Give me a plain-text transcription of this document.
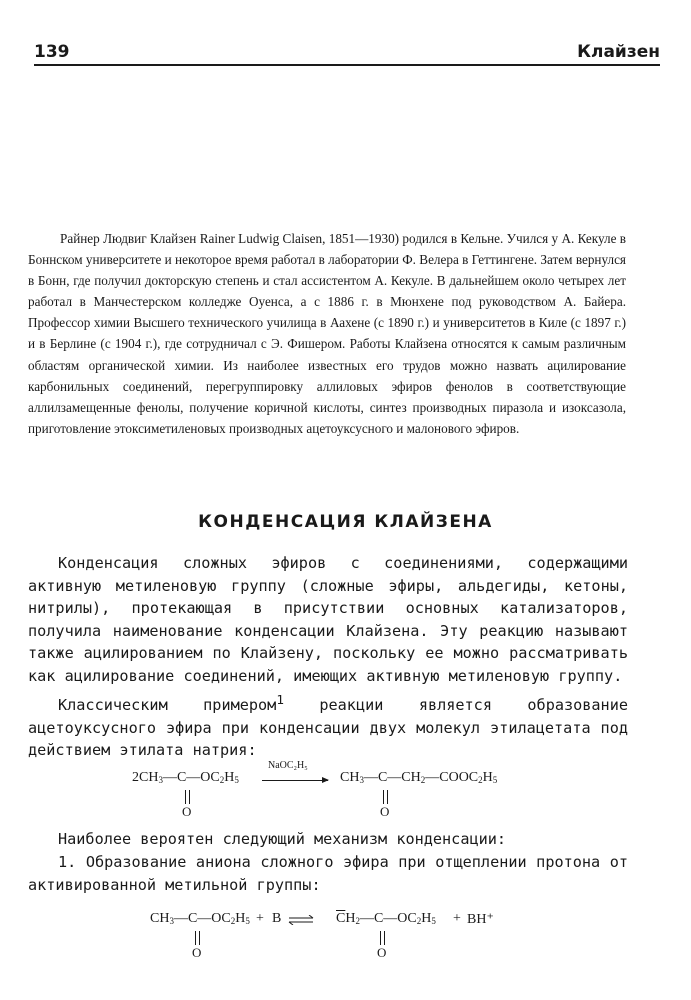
139	Клайзен

Райнер Людвиг Клайзен Rainer Ludwig Claisen, 1851—1930) родился в Кельне. Учился у А. Кекуле в Боннском университете и некоторое время работал в лаборатории Ф. Велера в Геттингене. Затем вернулся в Бонн, где получил докторскую степень и стал ассистентом А. Кекуле. В дальнейшем около четырех лет работал в Манчестерском колледже Оуенса, а с 1886 г. в Мюнхене под руководством А. Байера. Профессор химии Высшего технического училища в Аахене (с 1890 г.) и университетов в Киле (с 1897 г.) и в Берлине (с 1904 г.), где сотрудничал с Э. Фишером. Работы Клайзена относятся к самым различным областям органической химии. Из наиболее известных его трудов можно назвать ацилирование карбонильных соединений, перегруппировку аллиловых эфиров фенолов в соответствующие аллилзамещенные фенолы, получение коричной кислоты, синтез производных пиразола и изоксазола, приготовление этоксиметиленовых производных ацетоуксусного и малонового эфиров.

КОНДЕНСАЦИЯ КЛАЙЗЕНА

Конденсация сложных эфиров с соединениями, содержащими активную метиленовую группу (сложные эфиры, альдегиды, кетоны, нитрилы), протекающая в присутствии основных катализаторов, получила наименование конденсации Клайзена. Эту реакцию называют также ацилированием по Клайзену, поскольку ее можно рассматривать как ацилирование соединений, имеющих активную метиленовую группу.

Классическим примером$^1$ реакции является образование ацетоуксусного эфира при конденсации двух молекул этилацетата под действием этилата натрия:

$2CH_3—C—OC_2H_5$
O
NaOC₂H₅
$CH_3—C—CH_2—COOC_2H_5$
O

Наиболее вероятен следующий механизм конденсации:

1. Образование аниона сложного эфира при отщеплении протона от активированной метильной группы:

$CH_3—C—OC_2H_5 + B$ ⇌ $\overline{C}H_2—C—OC_2H_5 + BH^+$
O	O
